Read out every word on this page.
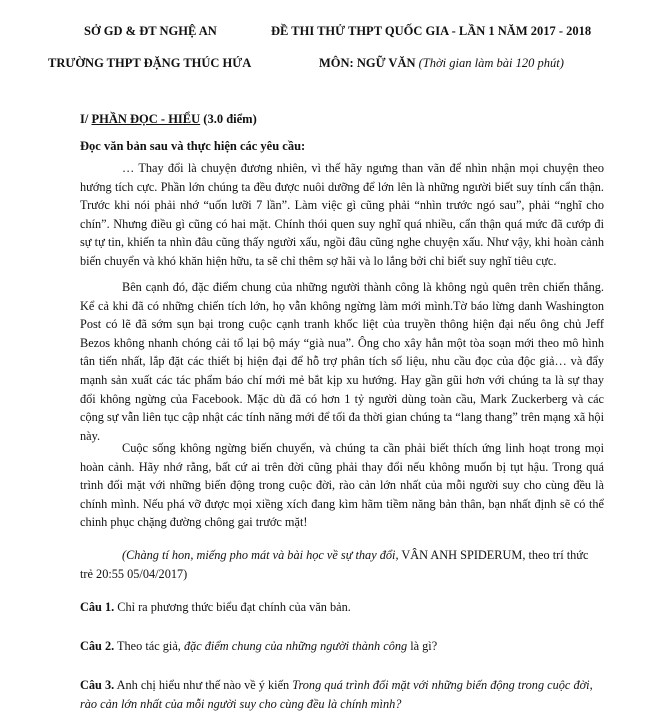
SỞ GD & ĐT NGHỆ AN
TRƯỜNG THPT ĐẶNG THÚC HỨA
ĐỀ THI THỬ THPT QUỐC GIA - LẦN 1 NĂM 2017 - 2018
MÔN: NGỮ VĂN (Thời gian làm bài 120 phút)
I/ PHẦN ĐỌC - HIỂU (3.0 điểm)
Đọc văn bản sau và thực hiện các yêu cầu:

… Thay đổi là chuyện đương nhiên, vì thế hãy ngưng than vãn để nhìn nhận mọi chuyện theo hướng tích cực. Phần lớn chúng ta đều được nuôi dưỡng để lớn lên là những người biết suy tính cẩn thận. Trước khi nói phải nhớ “uốn lưỡi 7 lần”. Làm việc gì cũng phải “nhìn trước ngó sau”, phải “nghĩ cho chín”. Nhưng điều gì cũng có hai mặt. Chính thói quen suy nghĩ quá nhiều, cẩn thận quá mức đã cướp đi sự tự tin, khiến ta nhìn đâu cũng thấy người xấu, ngồi đâu cũng nghe chuyện xấu. Như vậy, khi hoàn cảnh biến chuyển và khó khăn hiện hữu, ta sẽ chỉ thêm sợ hãi và lo lắng bởi chỉ biết suy nghĩ tiêu cực.

Bên cạnh đó, đặc điểm chung của những người thành công là không ngủ quên trên chiến thắng. Kể cả khi đã có những chiến tích lớn, họ vẫn không ngừng làm mới mình.Tờ báo lừng danh Washington Post có lẽ đã sớm sụn bại trong cuộc cạnh tranh khốc liệt của truyền thông hiện đại nếu ông chủ Jeff Bezos không nhanh chóng cải tổ lại bộ máy “già nua”. Ông cho xây hẳn một tòa soạn mới theo mô hình tân tiến nhất, lắp đặt các thiết bị hiện đại để hỗ trợ phân tích số liệu, nhu cầu đọc của độc giả… và đẩy mạnh sản xuất các tác phẩm báo chí mới mẻ bắt kịp xu hướng. Hay gần gũi hơn với chúng ta là sự thay đổi không ngừng của Facebook. Mặc dù đã có hơn 1 tỷ người dùng toàn cầu, Mark Zuckerberg và các cộng sự vẫn liên tục cập nhật các tính năng mới để tối đa thời gian chúng ta “lang thang” trên mạng xã hội này.

Cuộc sống không ngừng biến chuyển, và chúng ta cần phải biết thích ứng linh hoạt trong mọi hoàn cảnh. Hãy nhớ rằng, bất cứ ai trên đời cũng phải thay đổi nếu không muốn bị tụt hậu. Trong quá trình đối mặt với những biến động trong cuộc đời, rào cản lớn nhất của mỗi người suy cho cùng đều là chính mình. Nếu phá vỡ được mọi xiềng xích đang kìm hãm tiềm năng bản thân, bạn nhất định sẽ có thể chinh phục chặng đường chông gai trước mặt!

(Chàng tí hon, miếng pho mát và bài học về sự thay đổi, VÂN ANH SPIDERUM, theo trí thức trẻ 20:55 05/04/2017)

Câu 1. Chỉ ra phương thức biểu đạt chính của văn bản.

Câu 2. Theo tác giả, đặc điểm chung của những người thành công là gì?

Câu 3. Anh chị hiểu như thế nào về ý kiến Trong quá trình đối mặt với những biến động trong cuộc đời, rào cản lớn nhất của mỗi người suy cho cùng đều là chính mình?
